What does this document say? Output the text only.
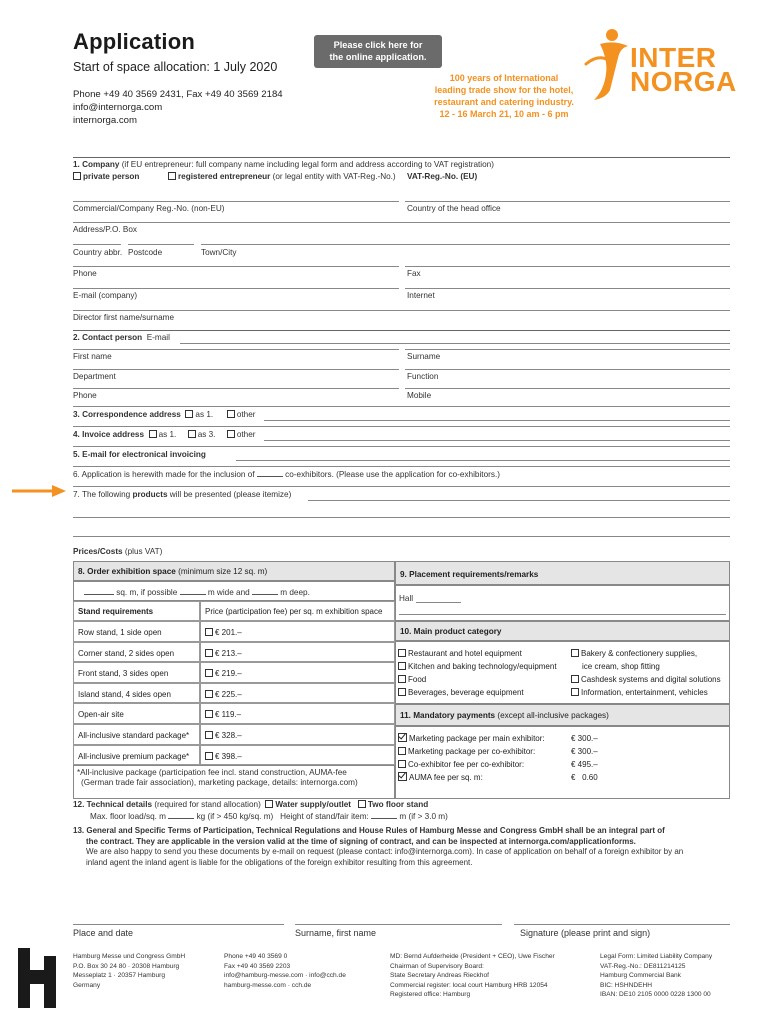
Application
Start of space allocation: 1 July 2020
Phone +49 40 3569 2431, Fax +49 40 3569 2184
info@internorga.com
internorga.com
Please click here for
the online application.
100 years of International
leading trade show for the hotel,
restaurant and catering industry.
12 - 16 March 21, 10 am - 6 pm
INTER
NORGA
1. Company (if EU entrepreneur: full company name including legal form and address according to VAT registration)
private person	registered entrepreneur (or legal entity with VAT-Reg.-No.) VAT-Reg.-No. (EU)
Commercial/Company Reg.-No. (non-EU)	Country of the head office
Address/P.O. Box
Country abbr. Postcode	Town/City
Phone	Fax
E-mail (company)	Internet
Director first name/surname
2. Contact person E-mail
First name	Surname
Department	Function
Phone	Mobile
3. Correspondence address as 1.	other
4. Invoice address as 1.	as 3.	other
5. E-mail for electronical invoicing
6. Application is herewith made for the inclusion of	co-exhibitors. (Please use the application for co-exhibitors.)
7. The following products will be presented (please itemize)
Prices/Costs (plus VAT)
8. Order exhibition space (minimum size 12 sq. m)
sq. m, if possible	m wide and	m deep.
Stand requirements	Price (participation fee) per sq. m exhibition space
Row stand, 1 side open	€ 201.–
Corner stand, 2 sides open	€ 213.–
Front stand, 3 sides open	€ 219.–
Island stand, 4 sides open	€ 225.–
Open-air site	€ 119.–
All-inclusive standard package*	€ 328.–
All-inclusive premium package*	€ 398.–
*All-inclusive package (participation fee incl. stand construction, AUMA-fee
(German trade fair association), marketing package, details: internorga.com)
9. Placement requirements/remarks
Hall
10. Main product category
Restaurant and hotel equipment
Kitchen and baking technology/equipment
Food
Beverages, beverage equipment
Bakery & confectionery supplies,
ice cream, shop fitting
Cashdesk systems and digital solutions
Information, entertainment, vehicles
11. Mandatory payments (except all-inclusive packages)
Marketing package per main exhibitor:	€ 300.–
Marketing package per co-exhibitor:	€ 300.–
Co-exhibitor fee per co-exhibitor:	€ 495.–
AUMA fee per sq. m:	€   0.60
12. Technical details (required for stand allocation) Water supply/outlet Two floor stand
Max. floor load/sq. m	kg (if > 450 kg/sq. m) Height of stand/fair item:	m (if > 3.0 m)
13. General and Specific Terms of Participation, Technical Regulations and House Rules of Hamburg Messe and Congress GmbH shall be an integral part of
the contract. They are applicable in the version valid at the time of signing of contract, and can be inspected at internorga.com/applicationforms.
We are also happy to send you these documents by e-mail on request (please contact: info@internorga.com). In case of application on behalf of a foreign exhibitor by an
inland agent the inland agent is liable for the obligations of the foreign exhibitor resulting from this agreement.
Place and date	Surname, first name	Signature (please print and sign)
Hamburg Messe und Congress GmbH
P.O. Box 30 24 80 · 20308 Hamburg
Messeplatz 1 · 20357 Hamburg
Germany
Phone +49 40 3569 0
Fax +49 40 3569 2203
info@hamburg-messe.com · info@cch.de
hamburg-messe.com · cch.de
MD: Bernd Aufderheide (President + CEO), Uwe Fischer
Chairman of Supervisory Board:
State Secretary Andreas Rieckhof
Commercial register: local court Hamburg HRB 12054
Registered office: Hamburg
Legal Form: Limited Liability Company
VAT-Reg.-No.: DE811214125
Hamburg Commercial Bank
BIC: HSHNDEHH
IBAN: DE10 2105 0000 0228 1300 00
